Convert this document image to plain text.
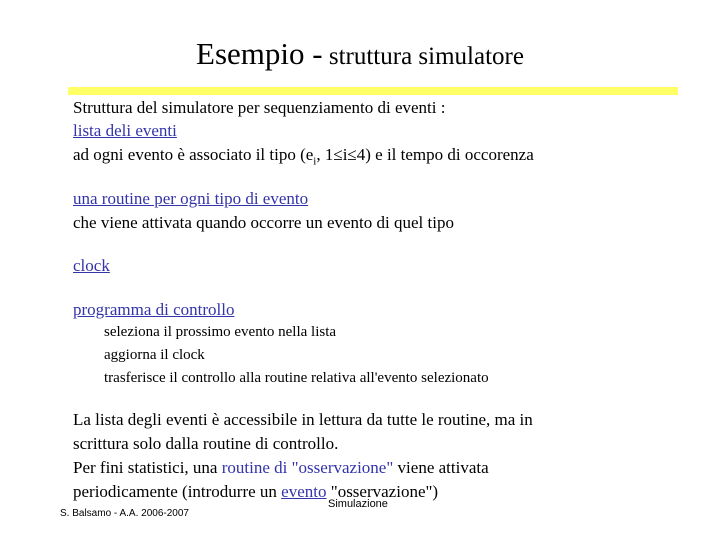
Esempio - struttura simulatore
Struttura del simulatore per sequenziamento di eventi :
lista deli eventi
ad ogni evento è associato il tipo ($e_i$, 1≤i≤4) e il tempo di occorenza
una routine per ogni tipo di evento
che viene attivata quando occorre un evento di quel tipo
clock
programma di controllo
seleziona il prossimo evento nella lista
aggiorna il clock
trasferisce il controllo alla routine relativa all'evento selezionato
La lista degli eventi è accessibile in lettura da tutte le routine, ma in
scrittura solo dalla routine di controllo.
Per fini statistici, una routine di "osservazione" viene attivata
periodicamente (introdurre un evento "osservazione")
Simulazione
S. Balsamo - A.A. 2006-2007
